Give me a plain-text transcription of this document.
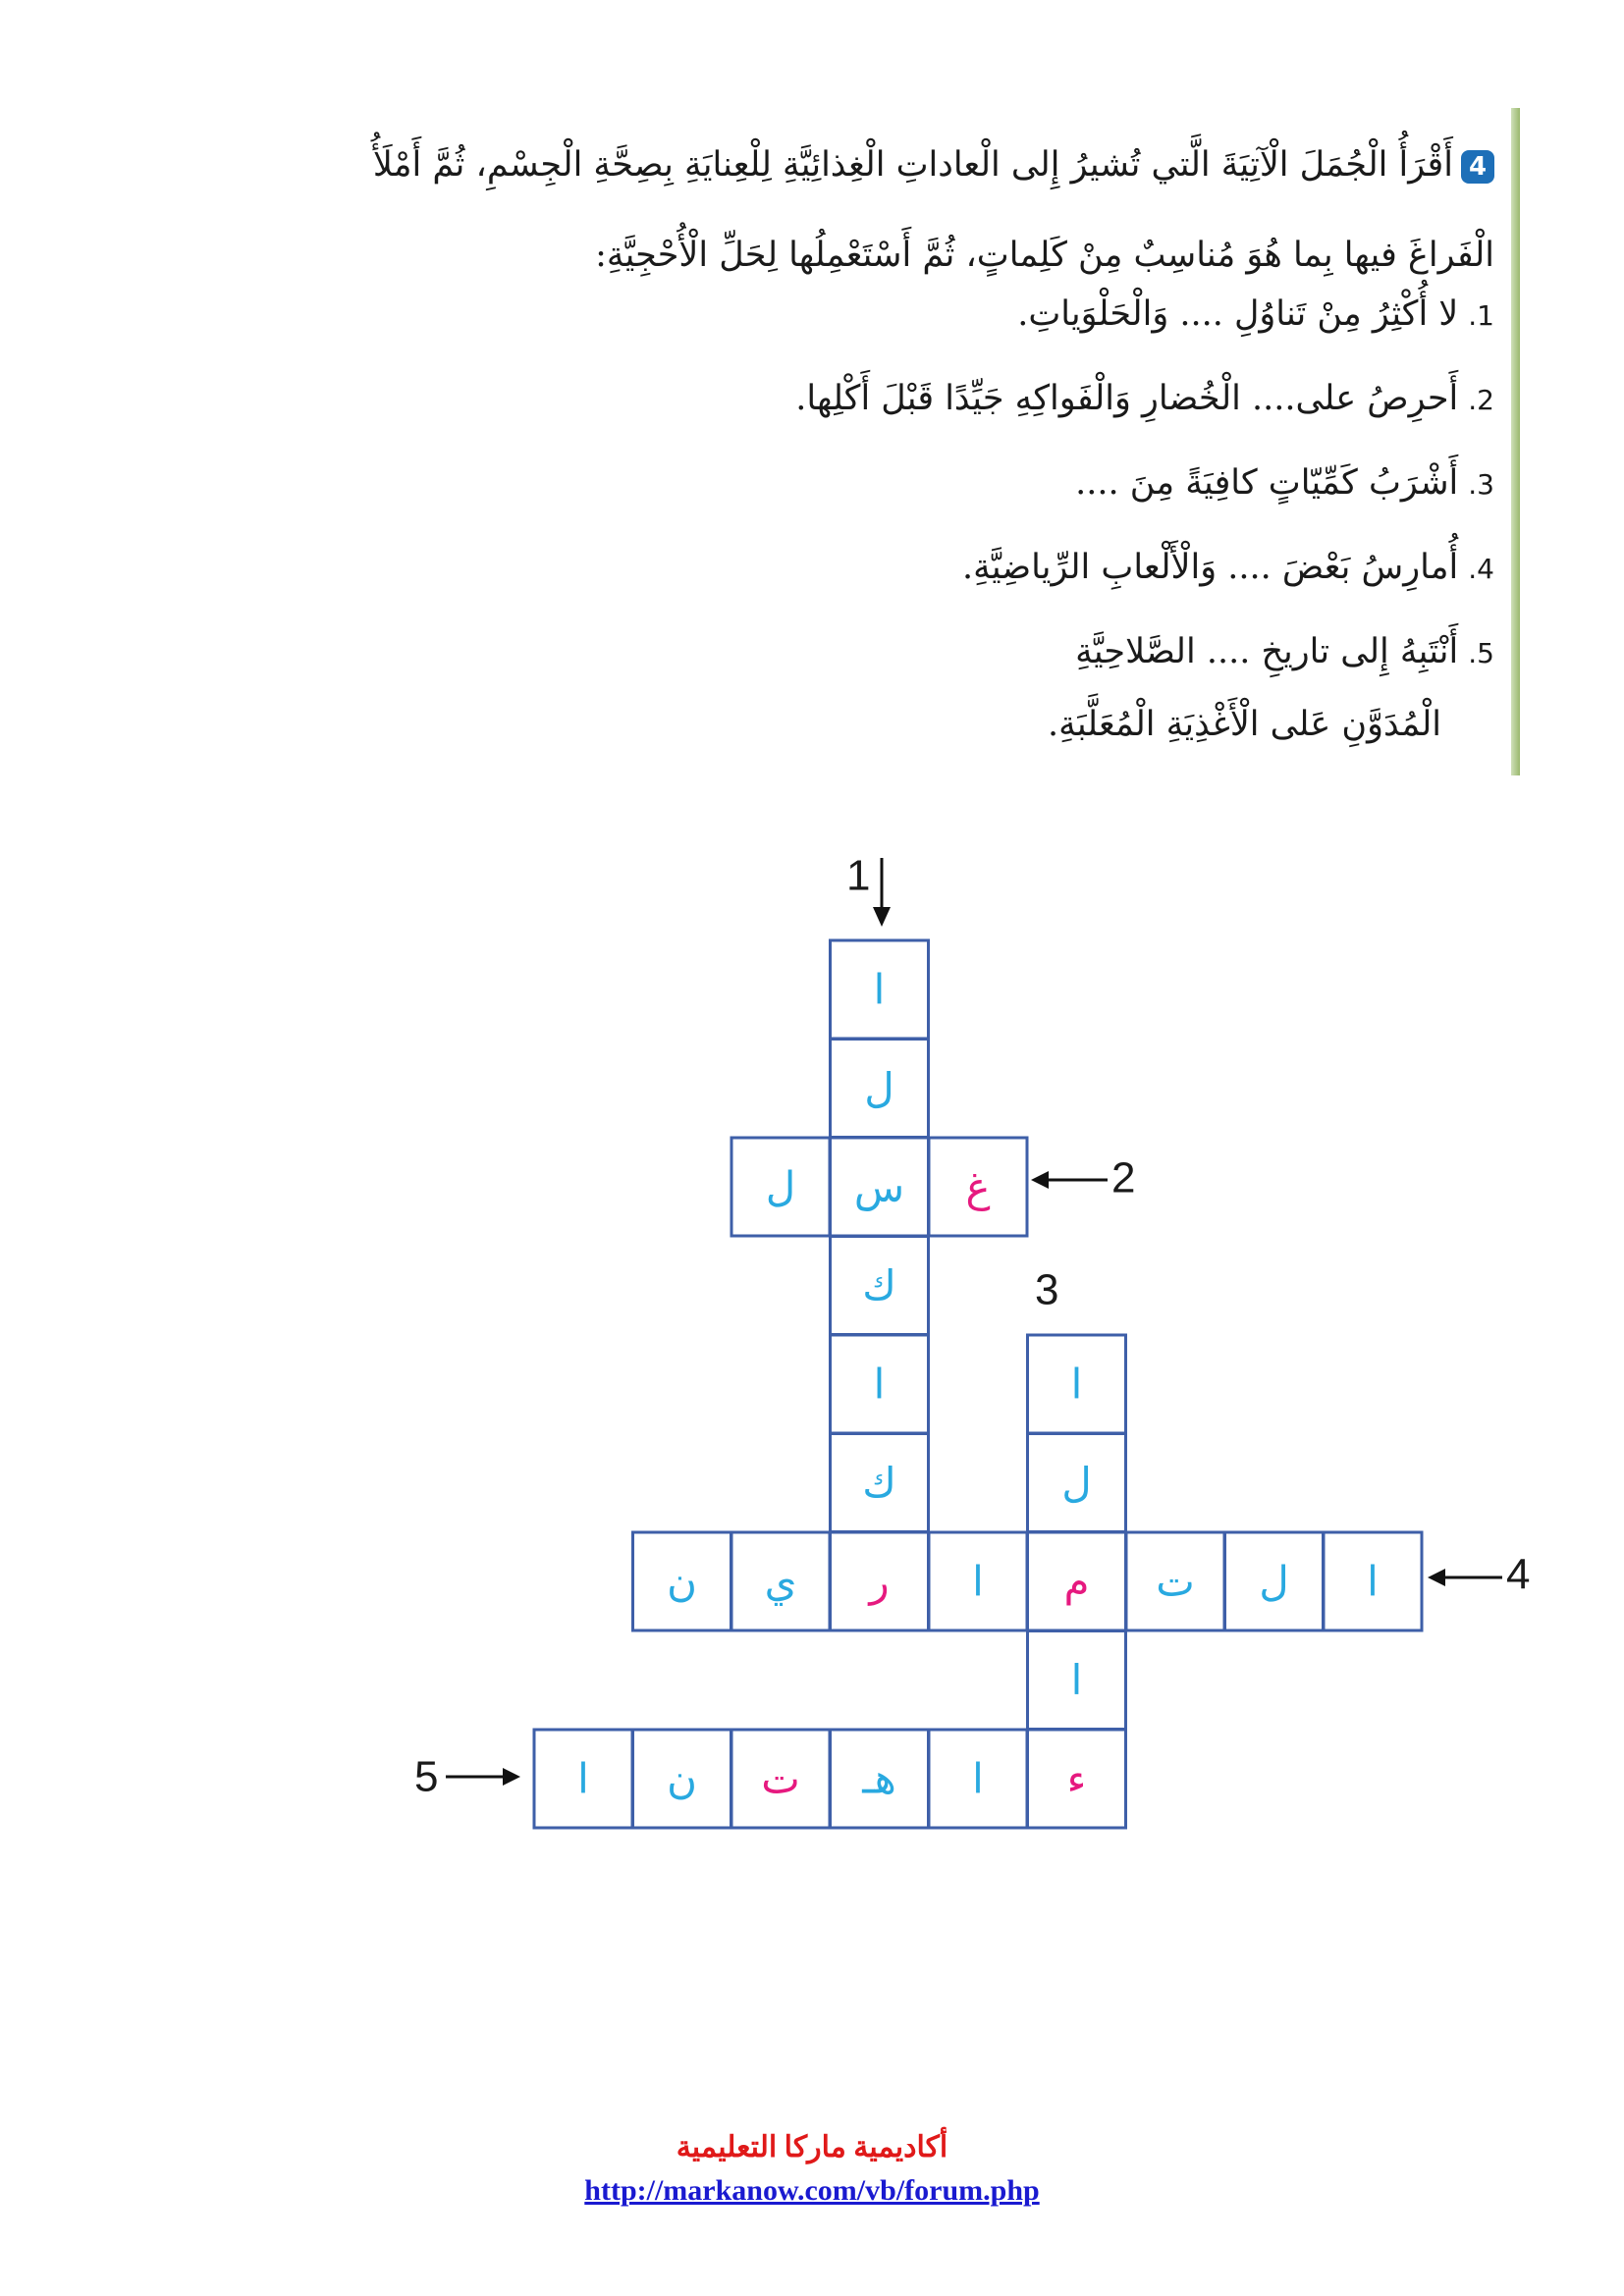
4أَقْرَأُ الْجُمَلَ الْآتِيَةَ الَّتي تُشيرُ إِلى الْعاداتِ الْغِذائِيَّةِ لِلْعِنايَةِ بِصِحَّةِ الْجِسْمِ، ثُمَّ أَمْلَأُ الْفَراغَ فيها بِما هُوَ مُناسِبٌ مِنْ كَلِماتٍ، ثُمَّ أَسْتَعْمِلُها لِحَلِّ الْأُحْجِيَّةِ:
1.لا أُكْثِرُ مِنْ تَناوُلِ .... وَالْحَلْوَياتِ.
2.أَحرِصُ على.... الْخُضارِ وَالْفَواكِهِ جَيِّدًا قَبْلَ أَكْلِها.
3.أَشْرَبُ كَمِّيّاتٍ كافِيَةً مِنَ ....
4.أُمارِسُ بَعْضَ .... وَالْأَلْعابِ الرِّياضِيَّةِ.
5.أَنْتَبِهُ إِلى تاريخِ .... الصَّلاحِيَّةِ
الْمُدَوَّنِ عَلى الْأَغْذِيَةِ الْمُعَلَّبَةِ.
ا
ل
ل س غ
ك
ا	ا
ك	ل
ن ي ر ا م ت ل ا
ا
ا ن ت هـ ا ء
1
2
3
4
5
أكاديمية ماركا التعليمية
http://markanow.com/vb/forum.php
